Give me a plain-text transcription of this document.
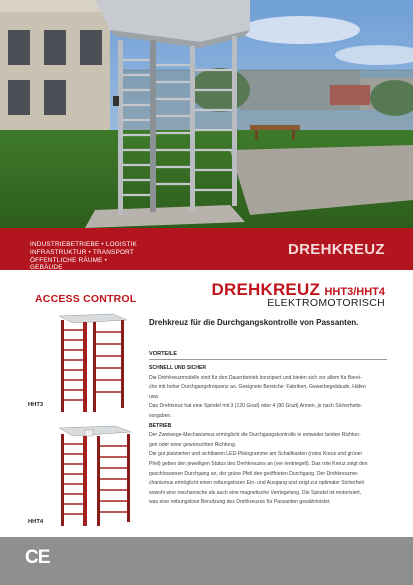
INDUSTRIEBETRIEBE • LOGISTIK
INFRASTRUKTUR • TRANSPORT
ÖFFENTLICHE RÄUME • GEBÄUDE
DREHKREUZ
ACCESS CONTROL	DREHKREUZ HHT3/HHT4
ELEKTROMOTORISCH
Drehkreuz für die Durchgangskontrolle von Passanten.
HHT3
HHT4
VORTEILE

SCHNELL UND SICHER

Die Drehkreuzmodelle sind für den Dauerbetrieb konzipiert und bieten sich vor allem für Berei-

che mit hoher Durchgangsfrequenz an. Geeignete Bereiche: Fabriken, Gewerbegebäude, Häfen

usw.

Das Drehkreuz hat eine Spindel mit 3 (120 Grad) oder 4 (90 Grad) Armen, je nach Sicherheits-

vorgaben.

BETRIEB

Der Zweiwege-Mechanismus ermöglicht die Durchgangskontrolle in entweder beiden Richtun-

gen oder einer gewünschten Richtung.

Die gut platzierten und sichtbaren LED-Piktogramme am Schaltkasten (rotes Kreuz und grüner

Pfeil) geben den jeweiligen Status des Drehkreuzes an (ver-/entriegelt). Das rote Kreuz zeigt den

geschlossenen Durchgang an, der grüne Pfeil den geöffneten Durchgang. Der Drehkreuzme-

chanismus ermöglicht einen reibungslosen Ein- und Ausgang und zeigt zur optimaler Sicherheit

sowohl eine mechanische als auch eine magnetische Verriegelung. Die Spindel ist motorisiert,

was eine reibungslose Benutzung des Drehkreuzes für Passanten gewährleistet.

CE
